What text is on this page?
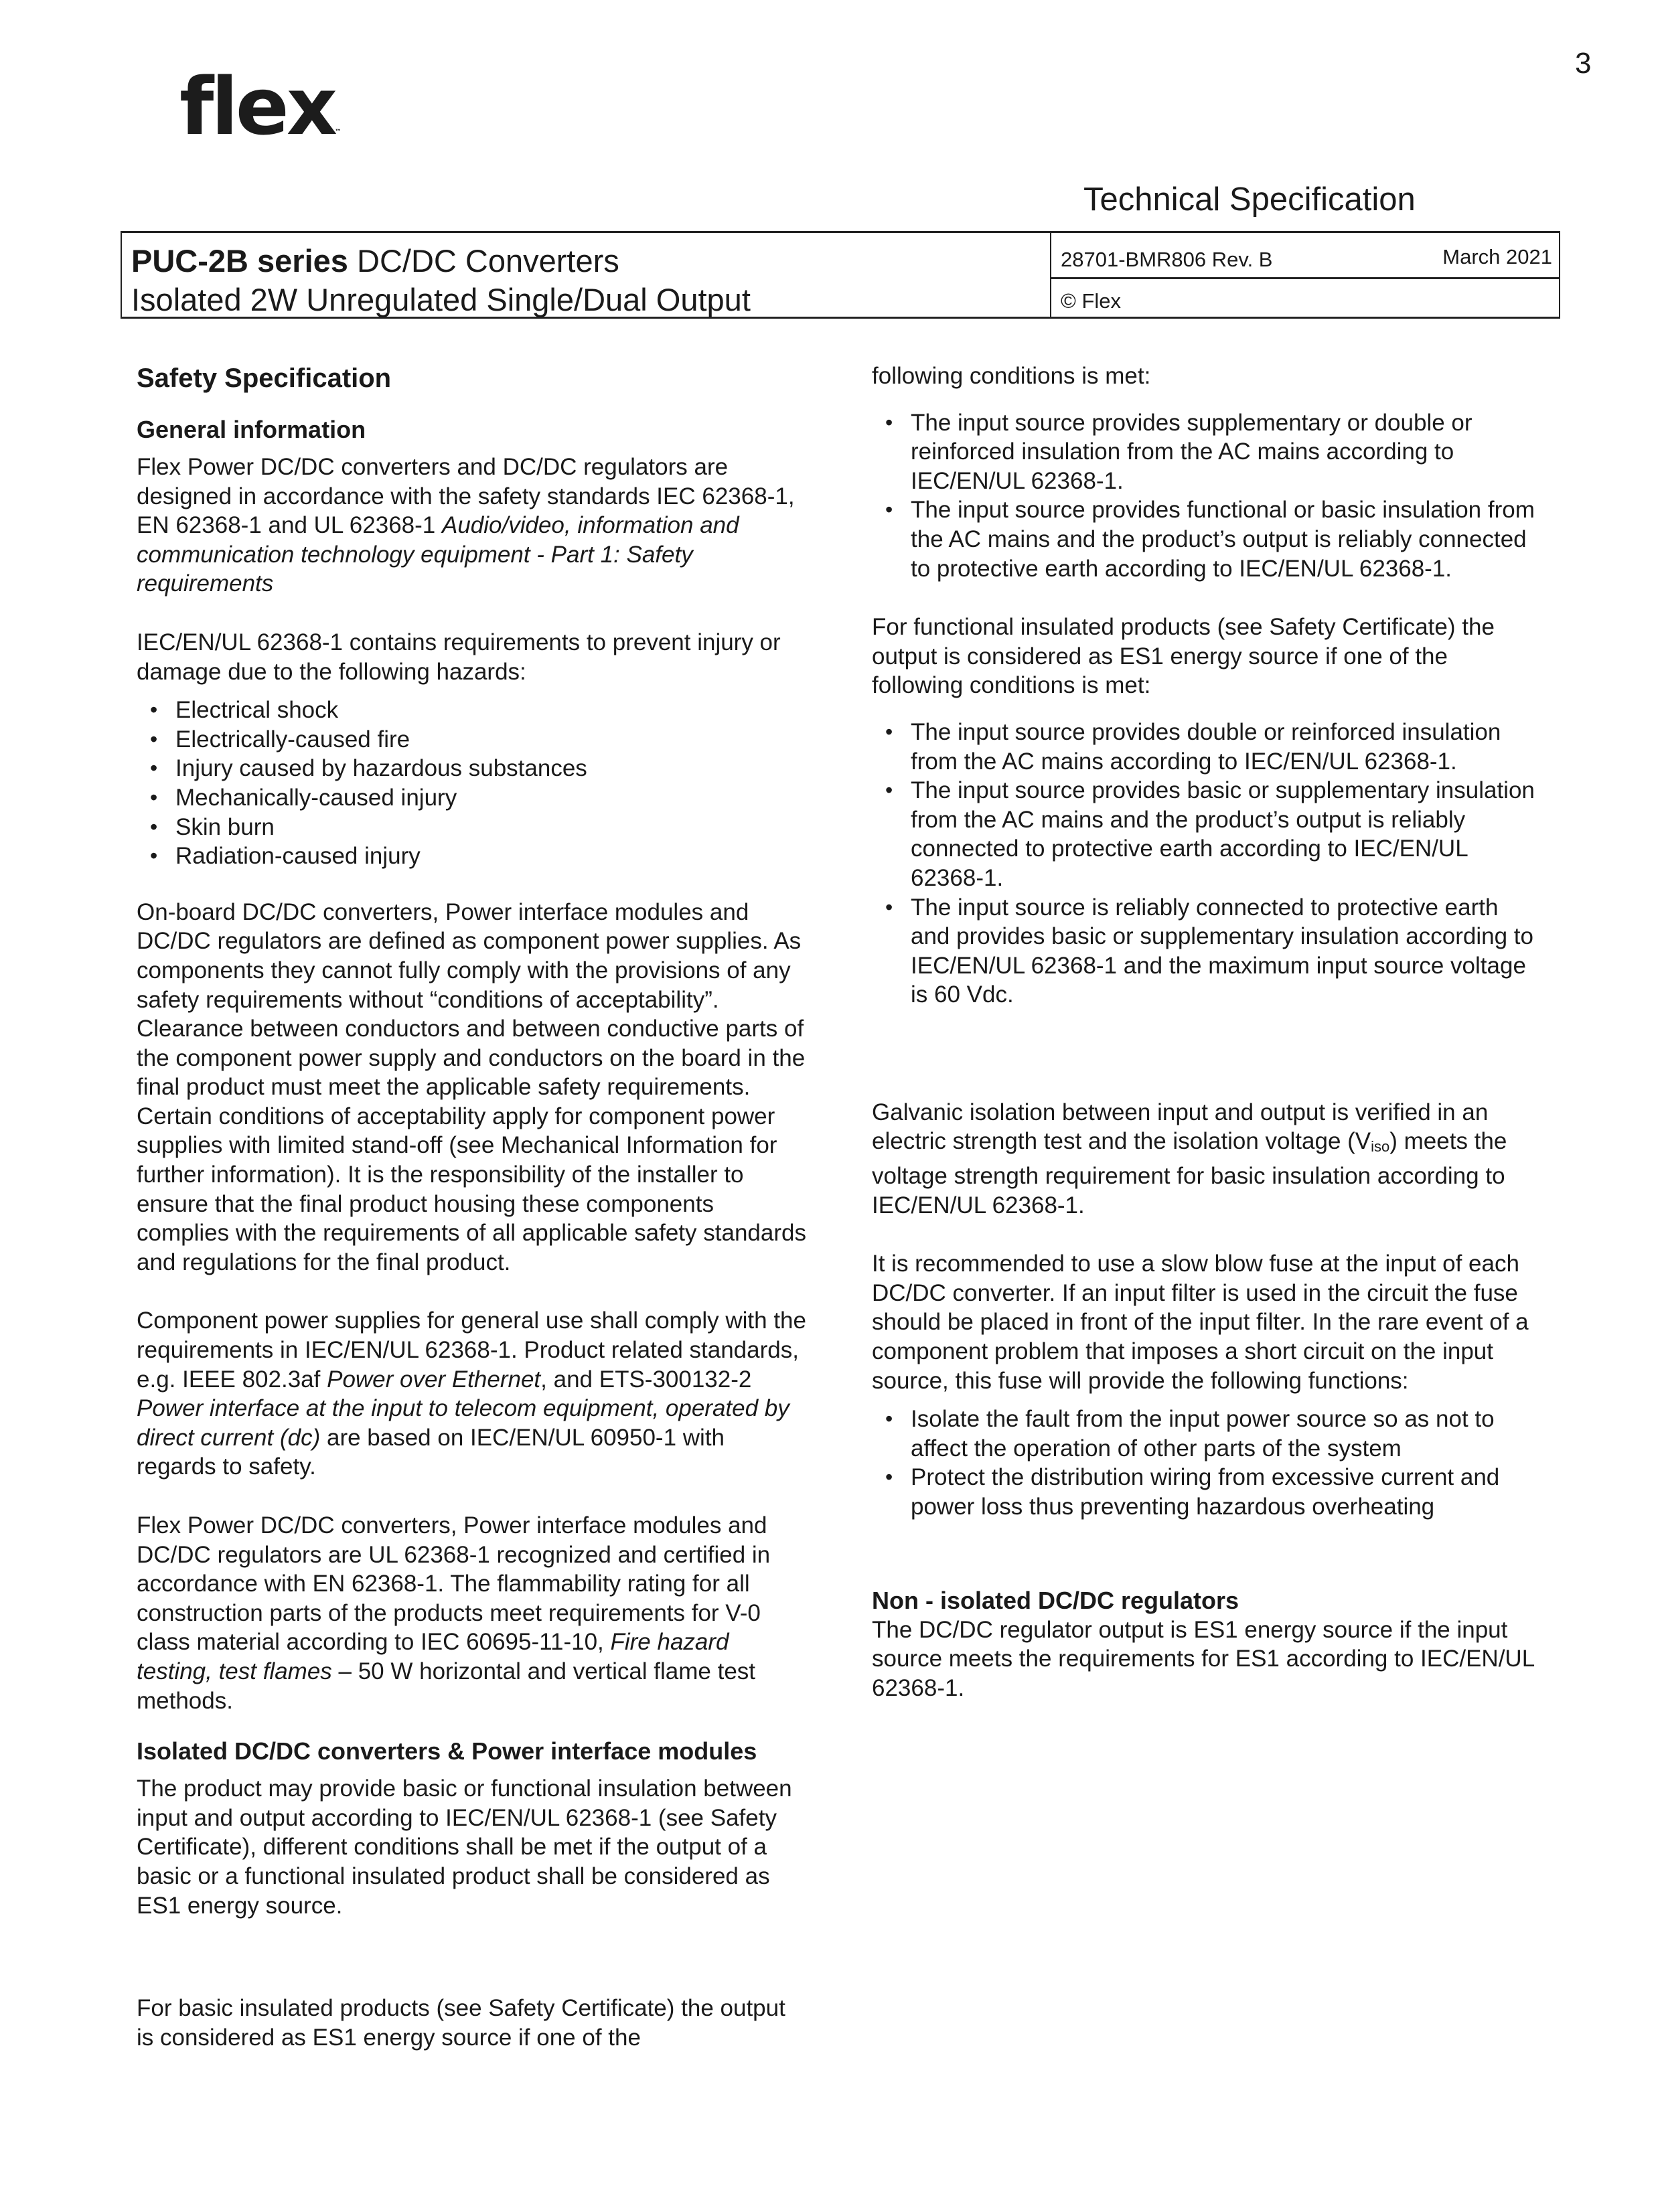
3
flex™
Technical Specification
PUC-2B series DC/DC Converters
Isolated 2W Unregulated Single/Dual Output
28701-BMR806 Rev. B	March 2021
© Flex
Safety Specification
General information

Flex Power DC/DC converters and DC/DC regulators are designed in accordance with the safety standards IEC 62368-1, EN 62368-1 and UL 62368-1 Audio/video, information and communication technology equipment - Part 1: Safety requirements

IEC/EN/UL 62368-1 contains requirements to prevent injury or damage due to the following hazards:

• Electrical shock
• Electrically-caused fire
• Injury caused by hazardous substances
• Mechanically-caused injury
• Skin burn
• Radiation-caused injury

On-board DC/DC converters, Power interface modules and DC/DC regulators are defined as component power supplies. As components they cannot fully comply with the provisions of any safety requirements without “conditions of acceptability”. Clearance between conductors and between conductive parts of the component power supply and conductors on the board in the final product must meet the applicable safety requirements. Certain conditions of acceptability apply for component power supplies with limited stand-off (see Mechanical Information for further information). It is the responsibility of the installer to ensure that the final product housing these components complies with the requirements of all applicable safety standards and regulations for the final product.

Component power supplies for general use shall comply with the requirements in IEC/EN/UL 62368-1. Product related standards, e.g. IEEE 802.3af Power over Ethernet, and ETS-300132-2 Power interface at the input to telecom equipment, operated by direct current (dc) are based on IEC/EN/UL 60950-1 with regards to safety.

Flex Power DC/DC converters, Power interface modules and DC/DC regulators are UL 62368-1 recognized and certified in accordance with EN 62368-1. The flammability rating for all construction parts of the products meet requirements for V-0 class material according to IEC 60695-11-10, Fire hazard testing, test flames – 50 W horizontal and vertical flame test methods.

Isolated DC/DC converters & Power interface modules

The product may provide basic or functional insulation between input and output according to IEC/EN/UL 62368-1 (see Safety Certificate), different conditions shall be met if the output of a basic or a functional insulated product shall be considered as ES1 energy source.

For basic insulated products (see Safety Certificate) the output is considered as ES1 energy source if one of the

following conditions is met:

• The input source provides supplementary or double or reinforced insulation from the AC mains according to IEC/EN/UL 62368-1.
• The input source provides functional or basic insulation from the AC mains and the product’s output is reliably connected to protective earth according to IEC/EN/UL 62368-1.

For functional insulated products (see Safety Certificate) the output is considered as ES1 energy source if one of the following conditions is met:

• The input source provides double or reinforced insulation from the AC mains according to IEC/EN/UL 62368-1.
• The input source provides basic or supplementary insulation from the AC mains and the product’s output is reliably connected to protective earth according to IEC/EN/UL 62368-1.
• The input source is reliably connected to protective earth and provides basic or supplementary insulation according to IEC/EN/UL 62368-1 and the maximum input source voltage is 60 Vdc.

Galvanic isolation between input and output is verified in an electric strength test and the isolation voltage $(V_{iso})$ meets the voltage strength requirement for basic insulation according to IEC/EN/UL 62368-1.

It is recommended to use a slow blow fuse at the input of each DC/DC converter. If an input filter is used in the circuit the fuse should be placed in front of the input filter. In the rare event of a component problem that imposes a short circuit on the input source, this fuse will provide the following functions:

• Isolate the fault from the input power source so as not to affect the operation of other parts of the system
• Protect the distribution wiring from excessive current and power loss thus preventing hazardous overheating
Non - isolated DC/DC regulators

The DC/DC regulator output is ES1 energy source if the input source meets the requirements for ES1 according to IEC/EN/UL 62368-1.
